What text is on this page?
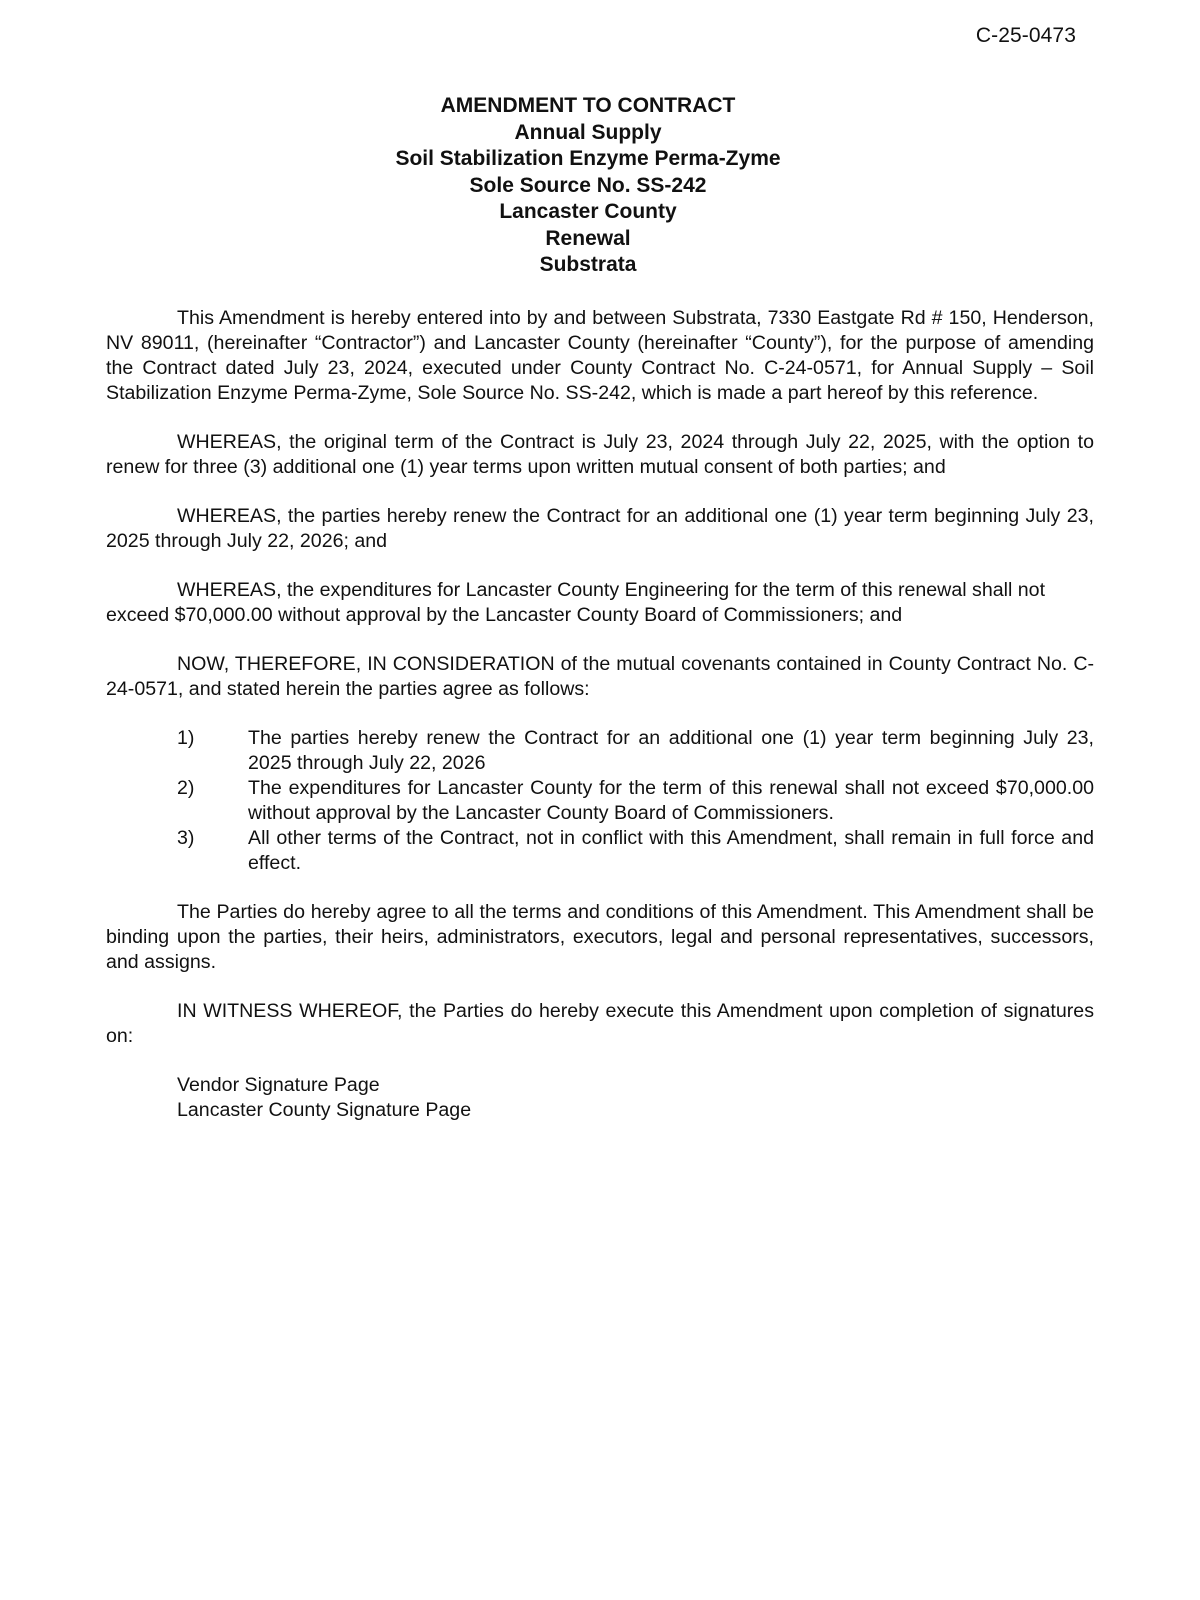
C-25-0473
AMENDMENT TO CONTRACT
Annual Supply
Soil Stabilization Enzyme Perma-Zyme
Sole Source No. SS-242
Lancaster County
Renewal
Substrata

This Amendment is hereby entered into by and between Substrata, 7330 Eastgate Rd # 150, Henderson, NV 89011, (hereinafter “Contractor”) and Lancaster County (hereinafter “County”), for the purpose of amending the Contract dated July 23, 2024, executed under County Contract No. C-24-0571, for Annual Supply – Soil Stabilization Enzyme Perma-Zyme, Sole Source No. SS-242, which is made a part hereof by this reference.

WHEREAS, the original term of the Contract is July 23, 2024 through July 22, 2025, with the option to renew for three (3) additional one (1) year terms upon written mutual consent of both parties; and

WHEREAS, the parties hereby renew the Contract for an additional one (1) year term beginning July 23, 2025 through July 22, 2026; and

WHEREAS, the expenditures for Lancaster County Engineering for the term of this renewal shall not exceed $70,000.00 without approval by the Lancaster County Board of Commissioners; and

NOW, THEREFORE, IN CONSIDERATION of the mutual covenants contained in County Contract No. C-24-0571, and stated herein the parties agree as follows:

1)	The parties hereby renew the Contract for an additional one (1) year term beginning July 23, 2025 through July 22, 2026
2)	The expenditures for Lancaster County for the term of this renewal shall not exceed $70,000.00 without approval by the Lancaster County Board of Commissioners.
3)	All other terms of the Contract, not in conflict with this Amendment, shall remain in full force and effect.

The Parties do hereby agree to all the terms and conditions of this Amendment. This Amendment shall be binding upon the parties, their heirs, administrators, executors, legal and personal representatives, successors, and assigns.

IN WITNESS WHEREOF, the Parties do hereby execute this Amendment upon completion of signatures on:

Vendor Signature Page
Lancaster County Signature Page
